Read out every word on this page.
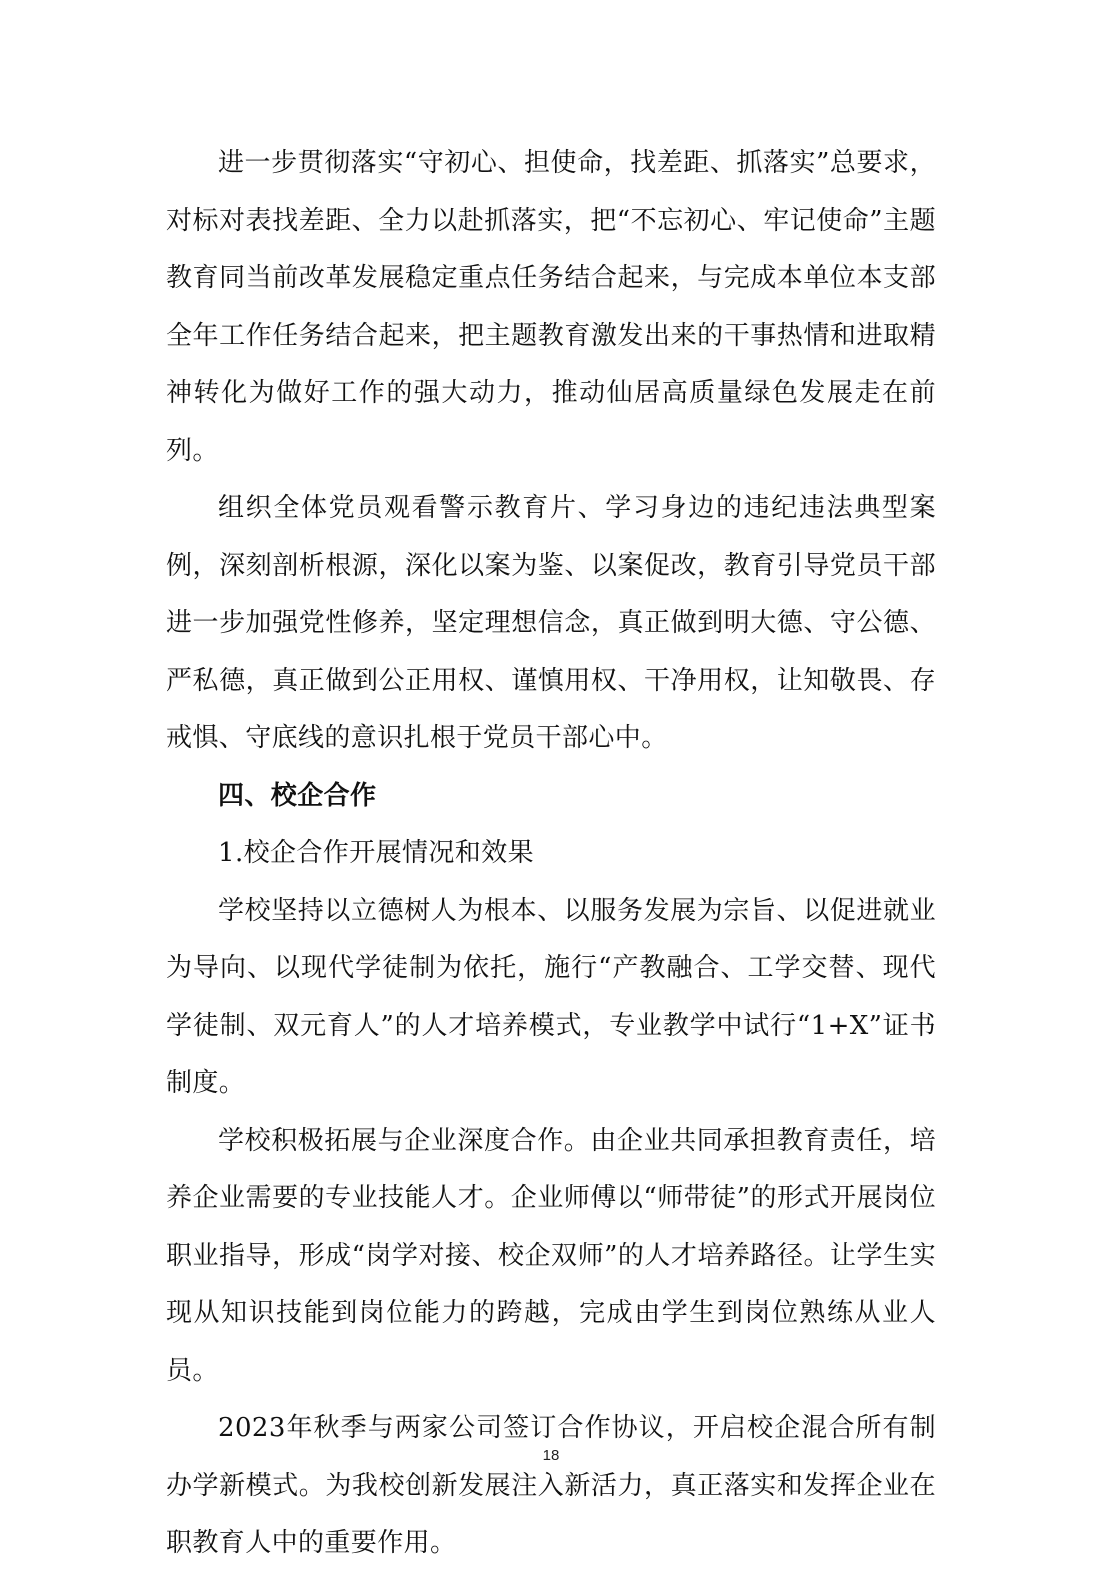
进一步贯彻落实“守初心、担使命，找差距、抓落实”总要求，对标对表找差距、全力以赴抓落实，把“不忘初心、牢记使命”主题教育同当前改革发展稳定重点任务结合起来，与完成本单位本支部全年工作任务结合起来，把主题教育激发出来的干事热情和进取精神转化为做好工作的强大动力，推动仙居高质量绿色发展走在前列。

组织全体党员观看警示教育片、学习身边的违纪违法典型案例，深刻剖析根源，深化以案为鉴、以案促改，教育引导党员干部进一步加强党性修养，坚定理想信念，真正做到明大德、守公德、严私德，真正做到公正用权、谨慎用权、干净用权，让知敬畏、存戒惧、守底线的意识扎根于党员干部心中。

四、校企合作

1.校企合作开展情况和效果

学校坚持以立德树人为根本、以服务发展为宗旨、以促进就业为导向、以现代学徒制为依托，施行“产教融合、工学交替、现代学徒制、双元育人”的人才培养模式，专业教学中试行“1+X”证书制度。

学校积极拓展与企业深度合作。由企业共同承担教育责任，培养企业需要的专业技能人才。企业师傅以“师带徒”的形式开展岗位职业指导，形成“岗学对接、校企双师”的人才培养路径。让学生实现从知识技能到岗位能力的跨越，完成由学生到岗位熟练从业人员。

2023年秋季与两家公司签订合作协议，开启校企混合所有制办学新模式。为我校创新发展注入新活力，真正落实和发挥企业在职教育人中的重要作用。

18
